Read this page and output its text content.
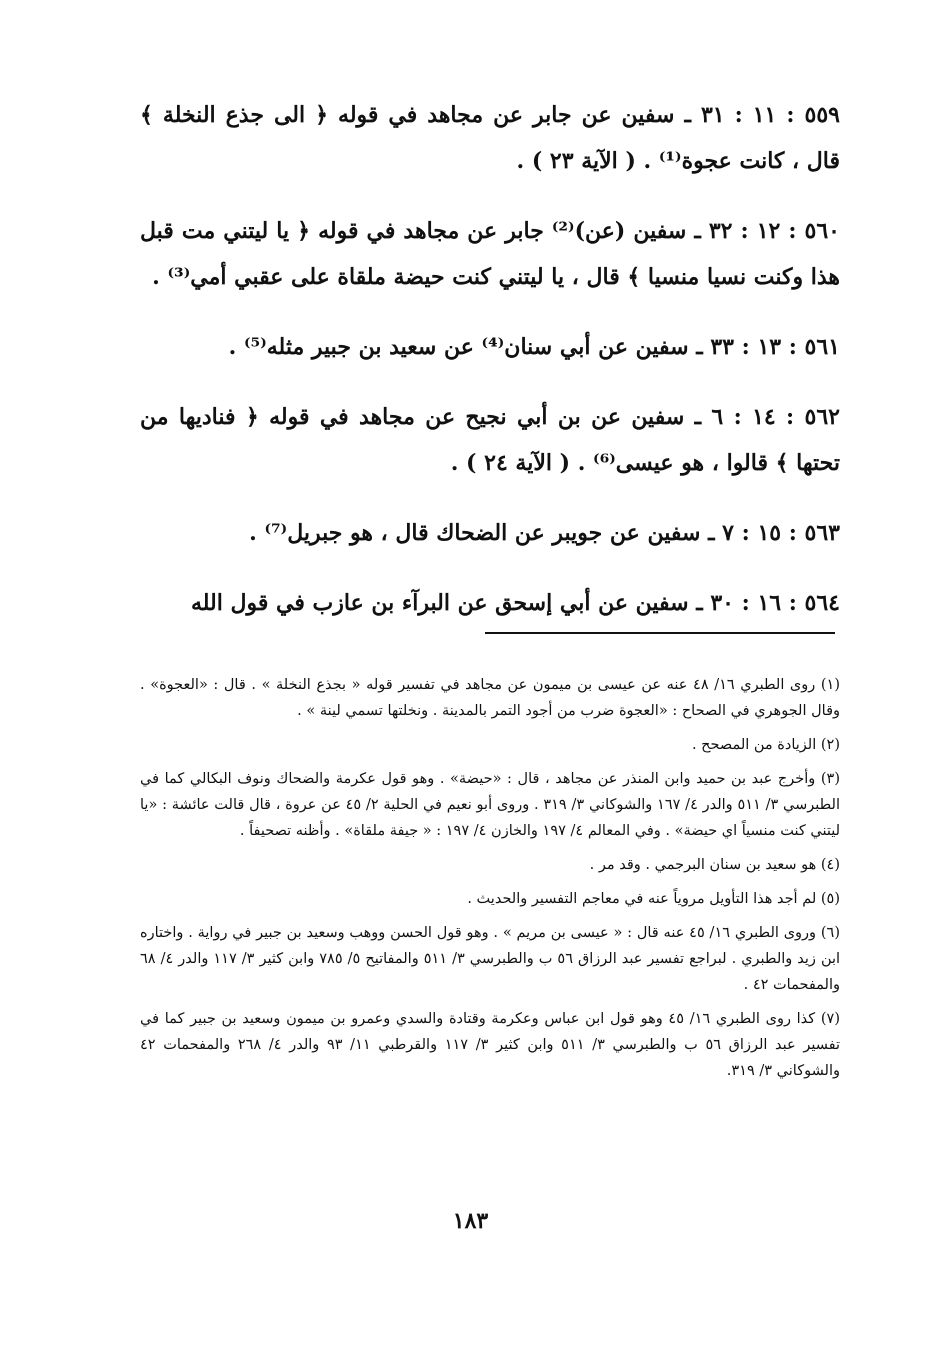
٥٥٩ : ١١ : ٣١ ـ سفين عن جابر عن مجاهد في قوله ﴿ الى جذع النخلة ﴾ قال ، كانت عجوة⁽¹⁾ . ( الآية ٢٣ ) .

٥٦٠ : ١٢ : ٣٢ ـ سفين (عن)⁽²⁾ جابر عن مجاهد في قوله ﴿ يا ليتني مت قبل هذا وكنت نسيا منسيا ﴾ قال ، يا ليتني كنت حيضة ملقاة على عقبي أمي⁽³⁾ .

٥٦١ : ١٣ : ٣٣ ـ سفين عن أبي سنان⁽⁴⁾ عن سعيد بن جبير مثله⁽⁵⁾ .

٥٦٢ : ١٤ : ٦ ـ سفين عن بن أبي نجيح عن مجاهد في قوله ﴿ فناديها من تحتها ﴾ قالوا ، هو عيسى⁽⁶⁾ . ( الآية ٢٤ ) .

٥٦٣ : ١٥ : ٧ ـ سفين عن جويبر عن الضحاك قال ، هو جبريل⁽⁷⁾ .

٥٦٤ : ١٦ : ٣٠ ـ سفين عن أبي إسحق عن البرآء بن عازب في قول الله

(١) روى الطبري ١٦/ ٤٨ عنه عن عيسى بن ميمون عن مجاهد في تفسير قوله « بجذع النخلة » . قال : «العجوة» . وقال الجوهري في الصحاح : «العجوة ضرب من أجود التمر بالمدينة . ونخلتها تسمي لينة » .

(٢) الزيادة من المصحح .

(٣) وأخرج عبد بن حميد وابن المنذر عن مجاهد ، قال : «حيضة» . وهو قول عكرمة والضحاك ونوف البكالي كما في الطبرسي ٣/ ٥١١ والدر ٤/ ١٦٧ والشوكاني ٣/ ٣١٩ . وروى أبو نعيم في الحلية ٢/ ٤٥ عن عروة ، قال قالت عائشة : «يا ليتني كنت منسياً اي حيضة» . وفي المعالم ٤/ ١٩٧ والخازن ٤/ ١٩٧ : « جيفة ملقاة» . وأظنه تصحيفاً .

(٤) هو سعيد بن سنان البرجمي . وقد مر .

(٥) لم أجد هذا التأويل مروياً عنه في معاجم التفسير والحديث .

(٦) وروى الطبري ١٦/ ٤٥ عنه قال : « عيسى بن مريم » . وهو قول الحسن ووهب وسعيد بن جبير في رواية . واختاره ابن زيد والطبري . لبراجع تفسير عبد الرزاق ٥٦ ب والطبرسي ٣/ ٥١١ والمفاتيح ٥/ ٧٨٥ وابن كثير ٣/ ١١٧ والدر ٤/ ٦٨ والمفحمات ٤٢ .

(٧) كذا روى الطبري ١٦/ ٤٥ وهو قول ابن عباس وعكرمة وقتادة والسدي وعمرو بن ميمون وسعيد بن جبير كما في تفسير عبد الرزاق ٥٦ ب والطبرسي ٣/ ٥١١ وابن كثير ٣/ ١١٧ والقرطبي ١١/ ٩٣ والدر ٤/ ٢٦٨ والمفحمات ٤٢ والشوكاني ٣/ ٣١٩.

١٨٣
